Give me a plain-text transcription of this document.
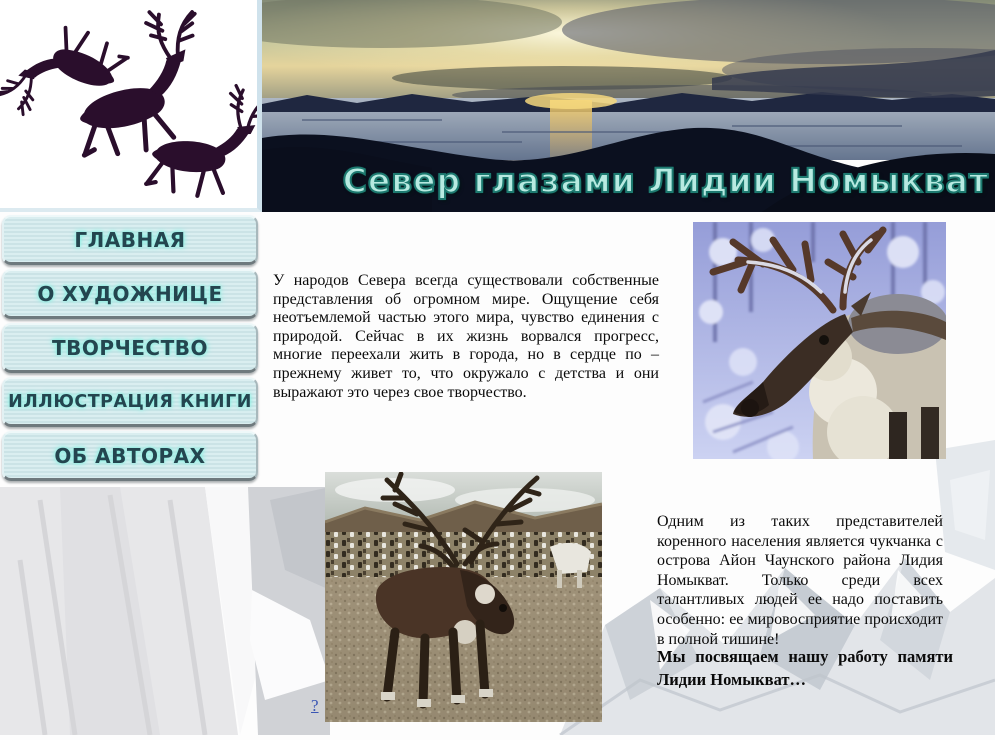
Север глазами Лидии Номыкват
ГЛАВНАЯ
О ХУДОЖНИЦЕ
ТВОРЧЕСТВО
ИЛЛЮСТРАЦИЯ КНИГИ
ОБ АВТОРАХ

У народов Севера всегда существовали собственные представления об огромном мире. Ощущение себя неотъемлемой частью этого мира, чувство единения с природой. Сейчас в их жизнь ворвался прогресс, многие переехали жить в города, но в сердце по – прежнему живет то, что окружало с детства и они выражают это через свое творчество.

Одним из таких представителей коренного населения является чукчанка с острова Айон Чаунского района Лидия Номыкват. Только среди всех талантливых людей ее надо поставить особенно: ее мировосприятие происходит в полной тишине!

Мы посвящаем нашу работу памяти Лидии Номыкват…

?
